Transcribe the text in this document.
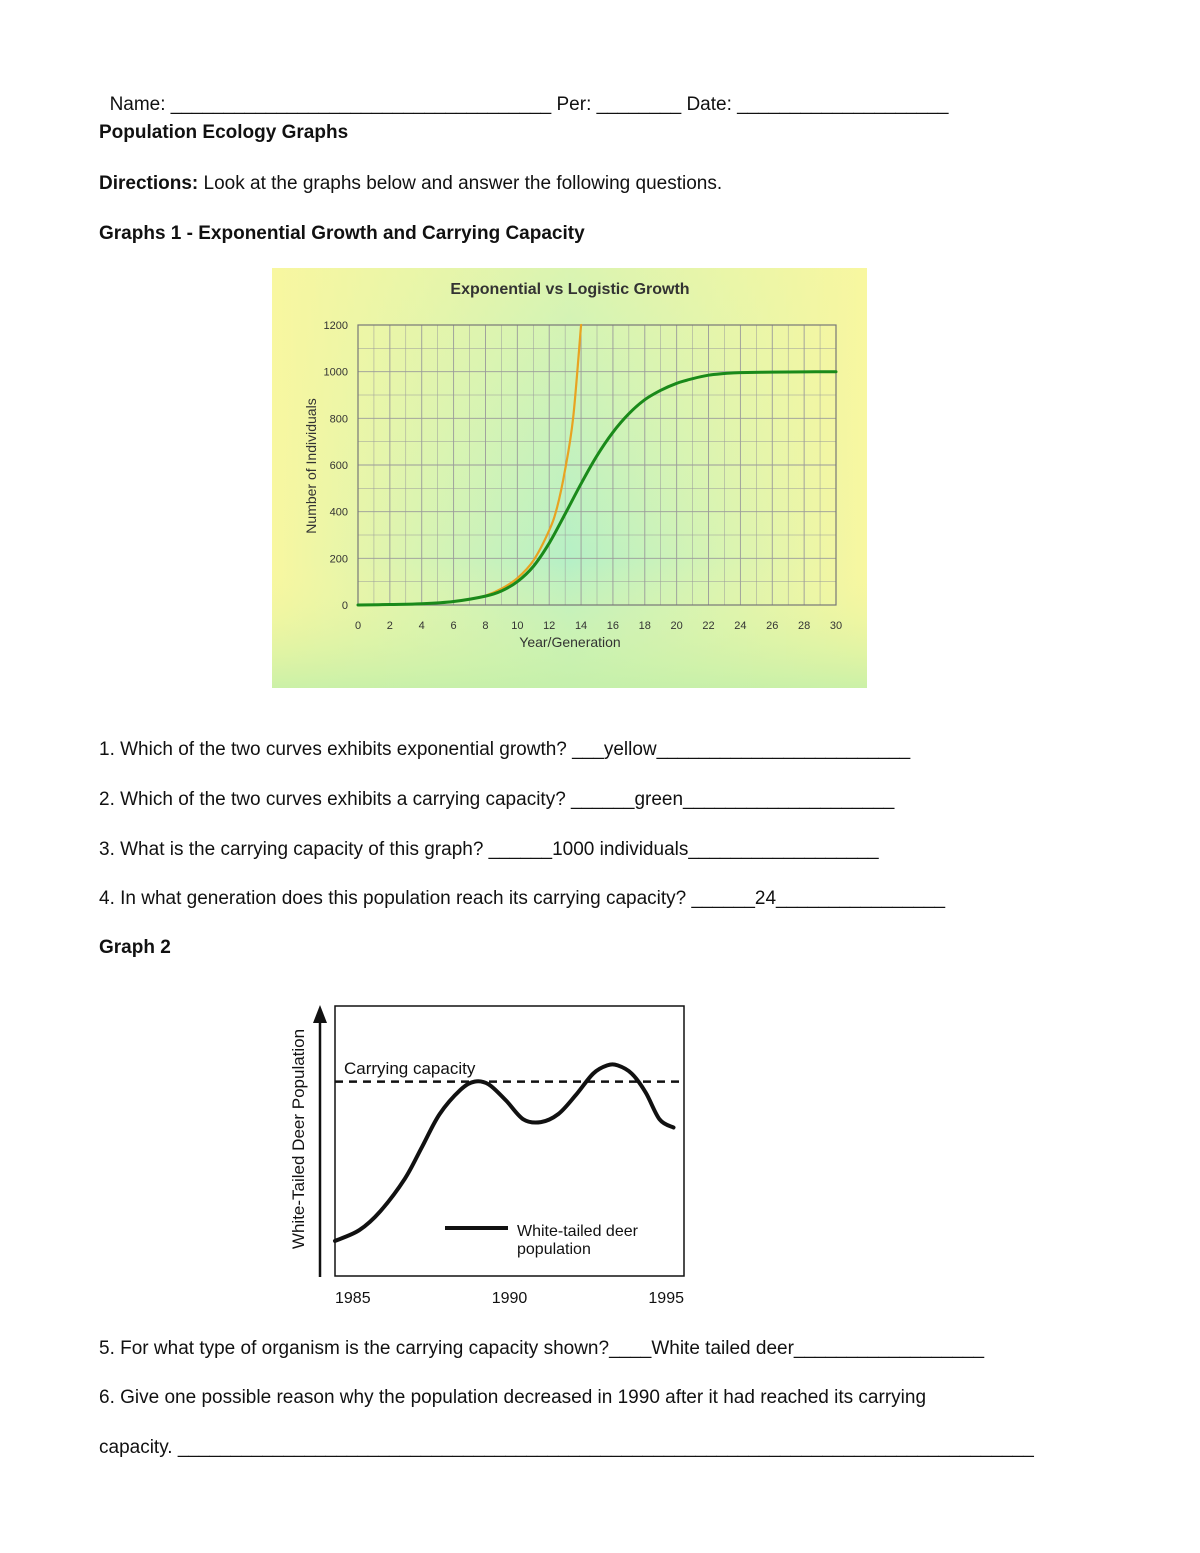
Name: ____________________________________ Per: ________ Date: ____________________

Population Ecology Graphs
Directions: Look at the graphs below and answer the following questions.
Graphs 1 - Exponential Growth and Carrying Capacity
Exponential vs Logistic Growth
0 2 4 6 8 10 12 14 16 18 20 22 24 26 28 30
0
200
400
600
800
1000
1200
Year/Generation
Number of Individuals
1. Which of the two curves exhibits exponential growth? ___yellow________________________
2. Which of the two curves exhibits a carrying capacity? ______green____________________
3. What is the carrying capacity of this graph? ______1000 individuals__________________
4. In what generation does this population reach its carrying capacity? ______24________________
Graph 2
Carrying capacity
White-tailed deer population
1985	1990	1995
White-Tailed Deer Population
5. For what type of organism is the carrying capacity shown?____White tailed deer__________________
6. Give one possible reason why the population decreased in 1990 after it had reached its carrying
capacity. _________________________________________________________________________________
